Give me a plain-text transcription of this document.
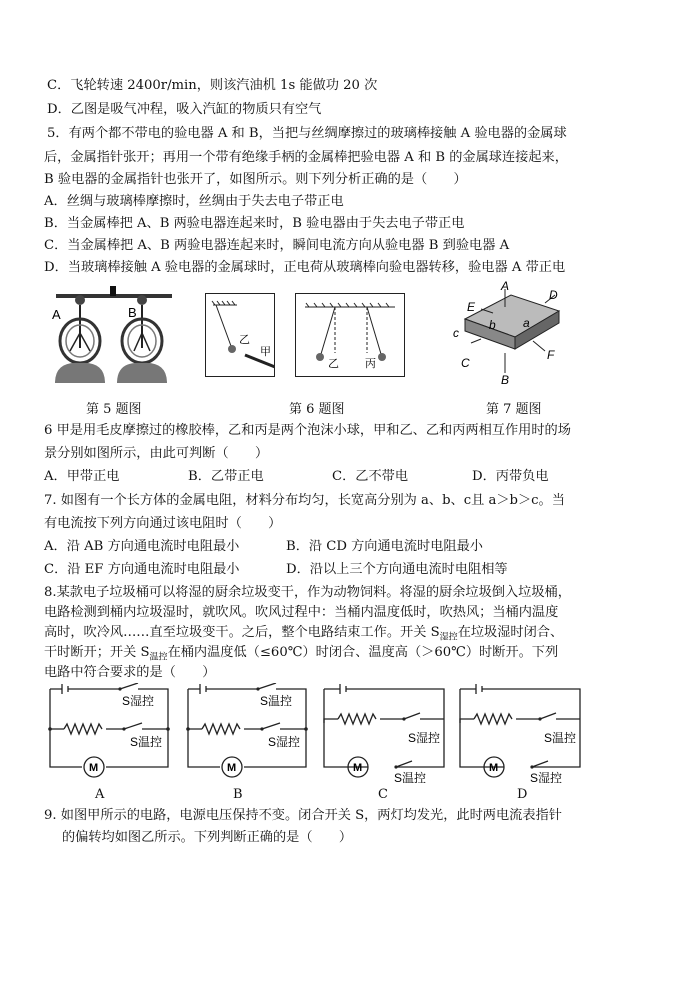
C．飞轮转速 2400r/min，则该汽油机 1s 能做功 20 次
D．乙图是吸气冲程，吸入汽缸的物质只有空气
5．有两个都不带电的验电器 A 和 B，当把与丝绸摩擦过的玻璃棒接触 A 验电器的金属球
后，金属指针张开；再用一个带有绝缘手柄的金属棒把验电器 A 和 B 的金属球连接起来，
B 验电器的金属指针也张开了，如图所示。则下列分析正确的是（　　）
A．丝绸与玻璃棒摩擦时，丝绸由于失去电子带正电
B．当金属棒把 A、B 两验电器连起来时，B 验电器由于失去电子带正电
C．当金属棒把 A、B 两验电器连起来时，瞬间电流方向从验电器 B 到验电器 A
D．当玻璃棒接触 A 验电器的金属球时，正电荷从玻璃棒向验电器转移，验电器 A 带正电
A	B
乙
甲
乙 丙
A
D
E
b a
c
C
F
B
第 5 题图	第 6 题图	第 7 题图
6 甲是用毛皮摩擦过的橡胶棒，乙和丙是两个泡沫小球，甲和乙、乙和丙两相互作用时的场
景分别如图所示，由此可判断（　　）
A．甲带正电	B．乙带正电	C．乙不带电	D．丙带负电
7. 如图有一个长方体的金属电阻，材料分布均匀，长宽高分别为 a、b、c且 a＞b＞c。当
有电流按下列方向通过该电阻时（　　）
A．沿 AB 方向通电流时电阻最小	B．沿 CD 方向通电流时电阻最小
C．沿 EF 方向通电流时电阻最小	D．沿以上三个方向通电流时电阻相等
8.某款电子垃圾桶可以将湿的厨余垃圾变干，作为动物饲料。将湿的厨余垃圾倒入垃圾桶，
电路检测到桶内垃圾湿时，就吹风。吹风过程中：当桶内温度低时，吹热风；当桶内温度
高时，吹冷风……直至垃圾变干。之后，整个电路结束工作。开关 $S_{湿控}$在垃圾湿时闭合、
干时断开；开关 $S_{温控}$在桶内温度低（≤60℃）时闭合、温度高（＞60℃）时断开。下列
电路中符合要求的是（　　）
M
S湿控
S温控
M
S温控
S湿控
M
S湿控
S温控
M
S温控
S湿控
A	B	C	D
9. 如图甲所示的电路，电源电压保持不变。闭合开关 S，两灯均发光，此时两电流表指针
的偏转均如图乙所示。下列判断正确的是（　　）
